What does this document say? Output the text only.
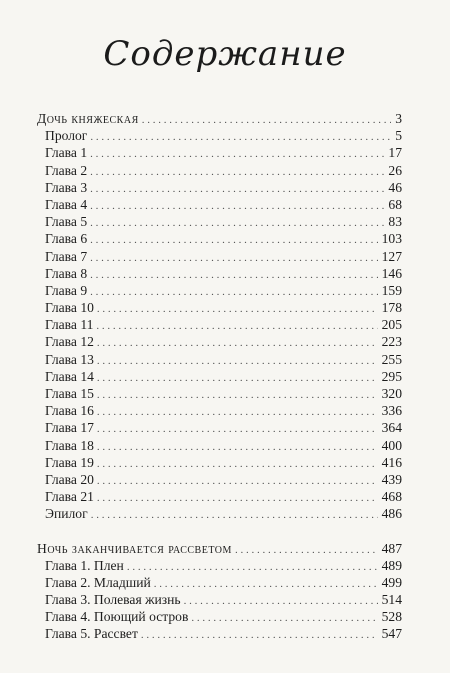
Содержание
Дочь княжеская . . .	3
Пролог . . .	5
Глава 1 . . .	17
Глава 2 . . .	26
Глава 3 . . .	46
Глава 4 . . .	68
Глава 5 . . .	83
Глава 6 . . .	103
Глава 7 . . .	127
Глава 8 . . .	146
Глава 9 . . .	159
Глава 10 . . .	178
Глава 11 . . .	205
Глава 12 . . .	223
Глава 13 . . .	255
Глава 14 . . .	295
Глава 15 . . .	320
Глава 16 . . .	336
Глава 17 . . .	364
Глава 18 . . .	400
Глава 19 . . .	416
Глава 20 . . .	439
Глава 21 . . .	468
Эпилог . . .	486
Ночь заканчивается рассветом . . .	487
Глава 1. Плен . . .	489
Глава 2. Младший . . .	499
Глава 3. Полевая жизнь . . .	514
Глава 4. Поющий остров . . .	528
Глава 5. Рассвет . . .	547
